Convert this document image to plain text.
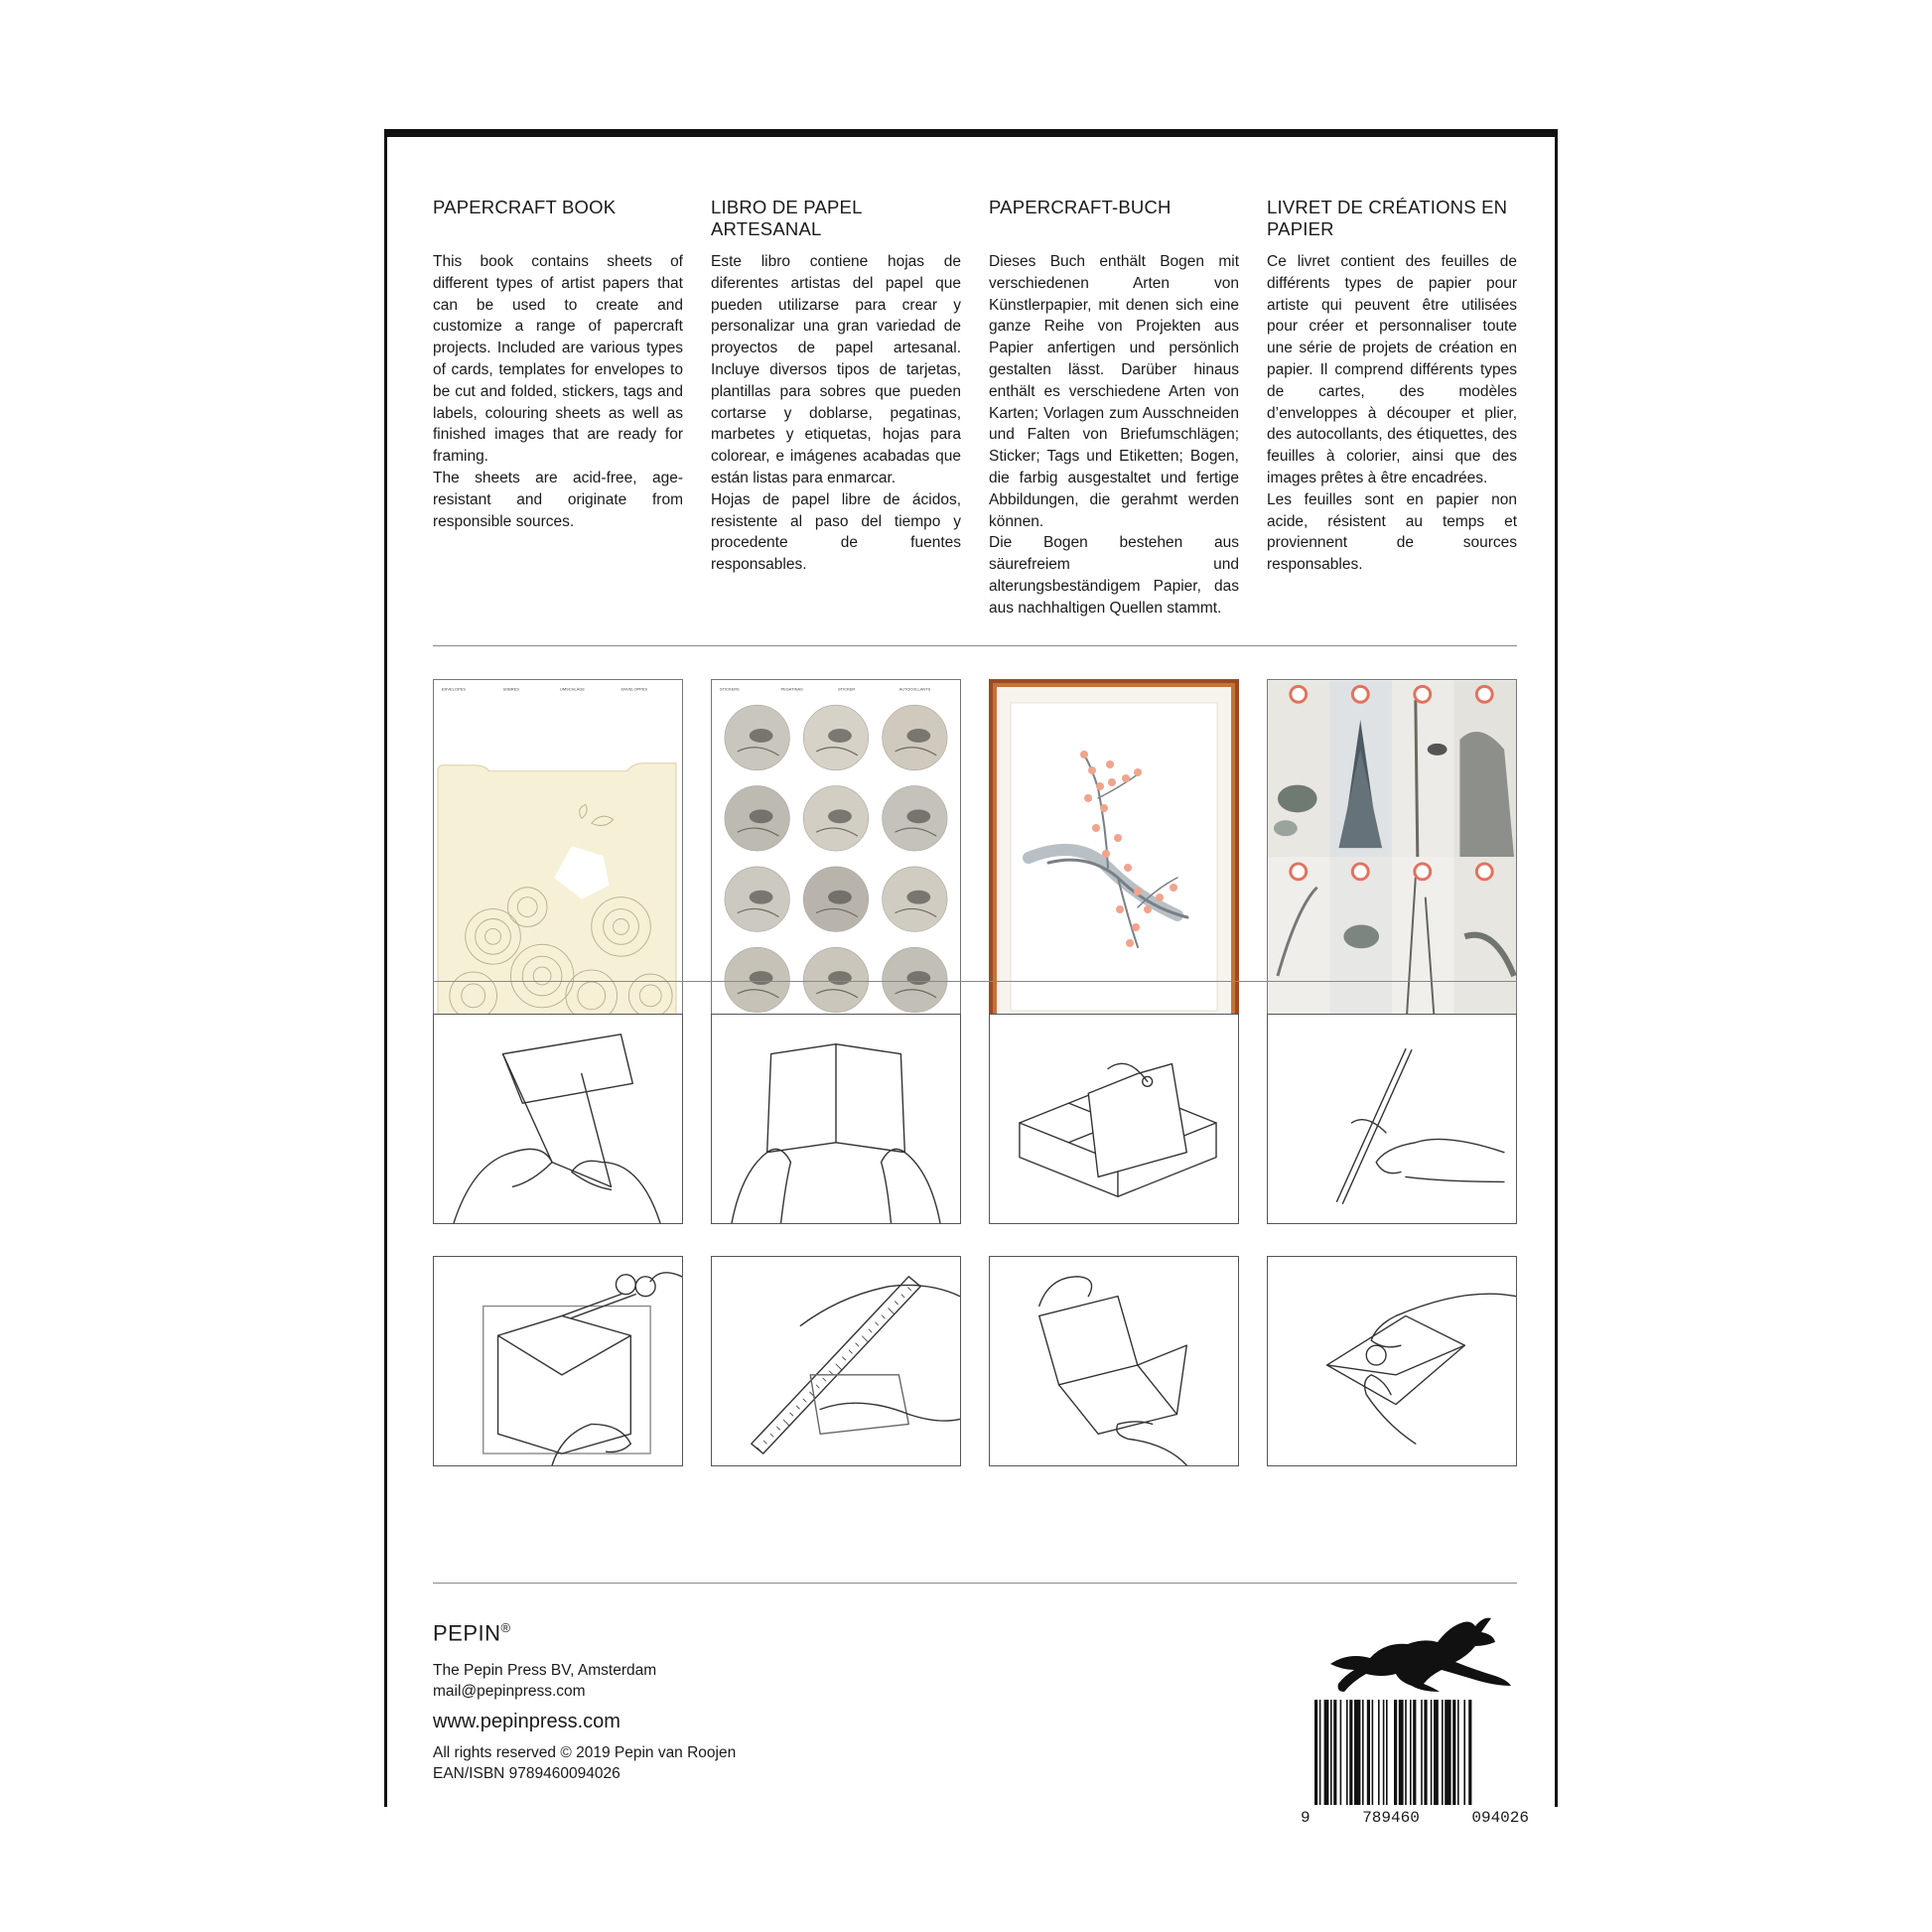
PAPERCRAFT BOOK

This book contains sheets of different types of artist papers that can be used to create and customize a range of papercraft projects. Included are various types of cards, templates for envelopes to be cut and folded, stickers, tags and labels, colouring sheets as well as finished images that are ready for framing.

The sheets are acid-free, age-resistant and originate from responsible sources.

LIBRO DE PAPEL ARTESANAL

Este libro contiene hojas de diferentes artistas del papel que pueden utilizarse para crear y personalizar una gran variedad de proyectos de papel artesanal. Incluye diversos tipos de tarjetas, plantillas para sobres que pueden cortarse y doblarse, pegatinas, marbetes y etiquetas, hojas para colorear, e imágenes acabadas que están listas para enmarcar.

Hojas de papel libre de ácidos, resistente al paso del tiempo y procedente de fuentes responsables.

PAPERCRAFT-BUCH

Dieses Buch enthält Bogen mit verschiedenen Arten von Künstlerpapier, mit denen sich eine ganze Reihe von Projekten aus Papier anfertigen und persönlich gestalten lässt. Darüber hinaus enthält es verschiedene Arten von Karten; Vorlagen zum Ausschneiden und Falten von Briefumschlägen; Sticker; Tags und Etiketten; Bogen, die farbig ausgestaltet und fertige Abbildungen, die gerahmt werden können.

Die Bogen bestehen aus säurefreiem und alterungsbeständigem Papier, das aus nachhaltigen Quellen stammt.

LIVRET DE CRÉATIONS EN PAPIER

Ce livret contient des feuilles de différents types de papier pour artiste qui peuvent être utilisées pour créer et personnaliser toute une série de projets de création en papier. Il comprend différents types de cartes, des modèles d’enveloppes à découper et plier, des autocollants, des étiquettes, des feuilles à colorier, ainsi que des images prêtes à être encadrées.

Les feuilles sont en papier non acide, résistent au temps et proviennent de sources responsables.

ENVELOPES	SOBRES	UMSCHLÄGE	ENVELOPPES	STICKERS	PEGATINAS	STICKER	AUTOCOLLANTS

PEPIN®

The Pepin Press BV, Amsterdam

mail@pepinpress.com

www.pepinpress.com

All rights reserved © 2019 Pepin van Roojen

EAN/ISBN 9789460094026

9	789460	094026
